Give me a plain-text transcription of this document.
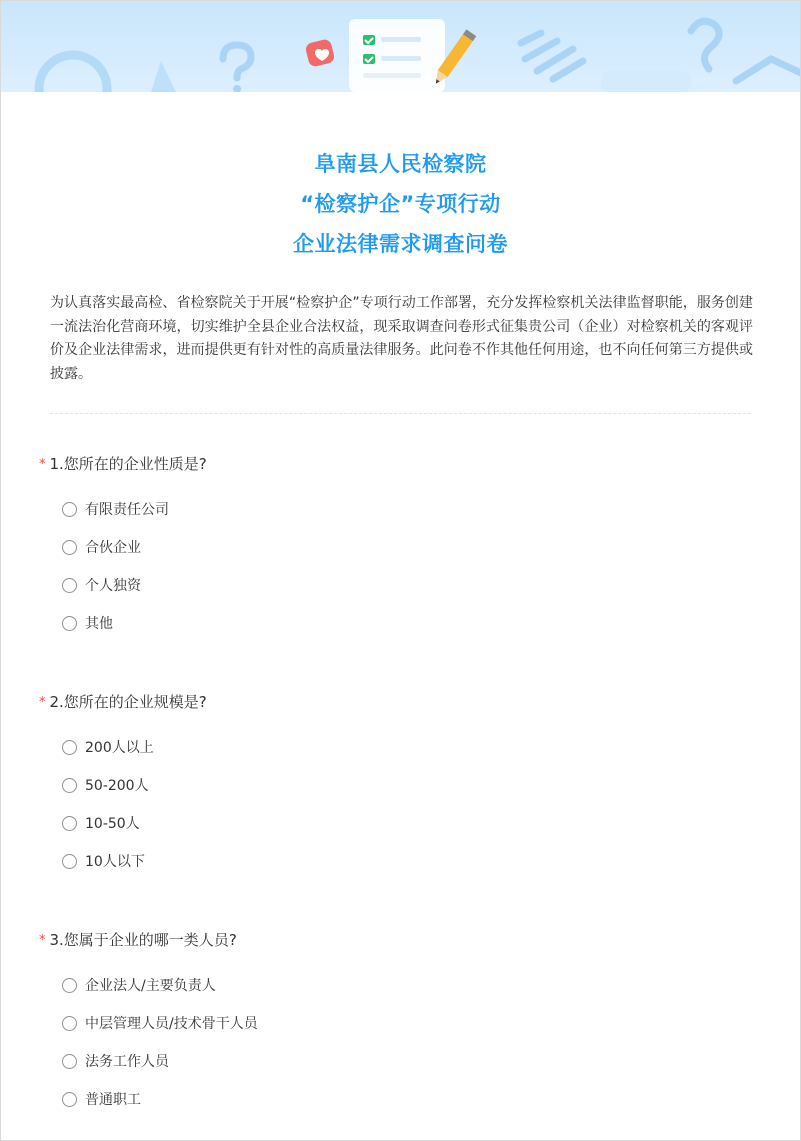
阜南县人民检察院
“检察护企”专项行动
企业法律需求调查问卷
为认真落实最高检、省检察院关于开展“检察护企”专项行动工作部署，充分发挥检察机关法律监督职能，服务创建一流法治化营商环境，切实维护全县企业合法权益，现采取调查问卷形式征集贵公司（企业）对检察机关的客观评价及企业法律需求，进而提供更有针对性的高质量法律服务。此问卷不作其他任何用途，也不向任何第三方提供或披露。
* 1.您所在的企业性质是?
有限责任公司
合伙企业
个人独资
其他
* 2.您所在的企业规模是?
200人以上
50-200人
10-50人
10人以下
* 3.您属于企业的哪一类人员?
企业法人/主要负责人
中层管理人员/技术骨干人员
法务工作人员
普通职工
